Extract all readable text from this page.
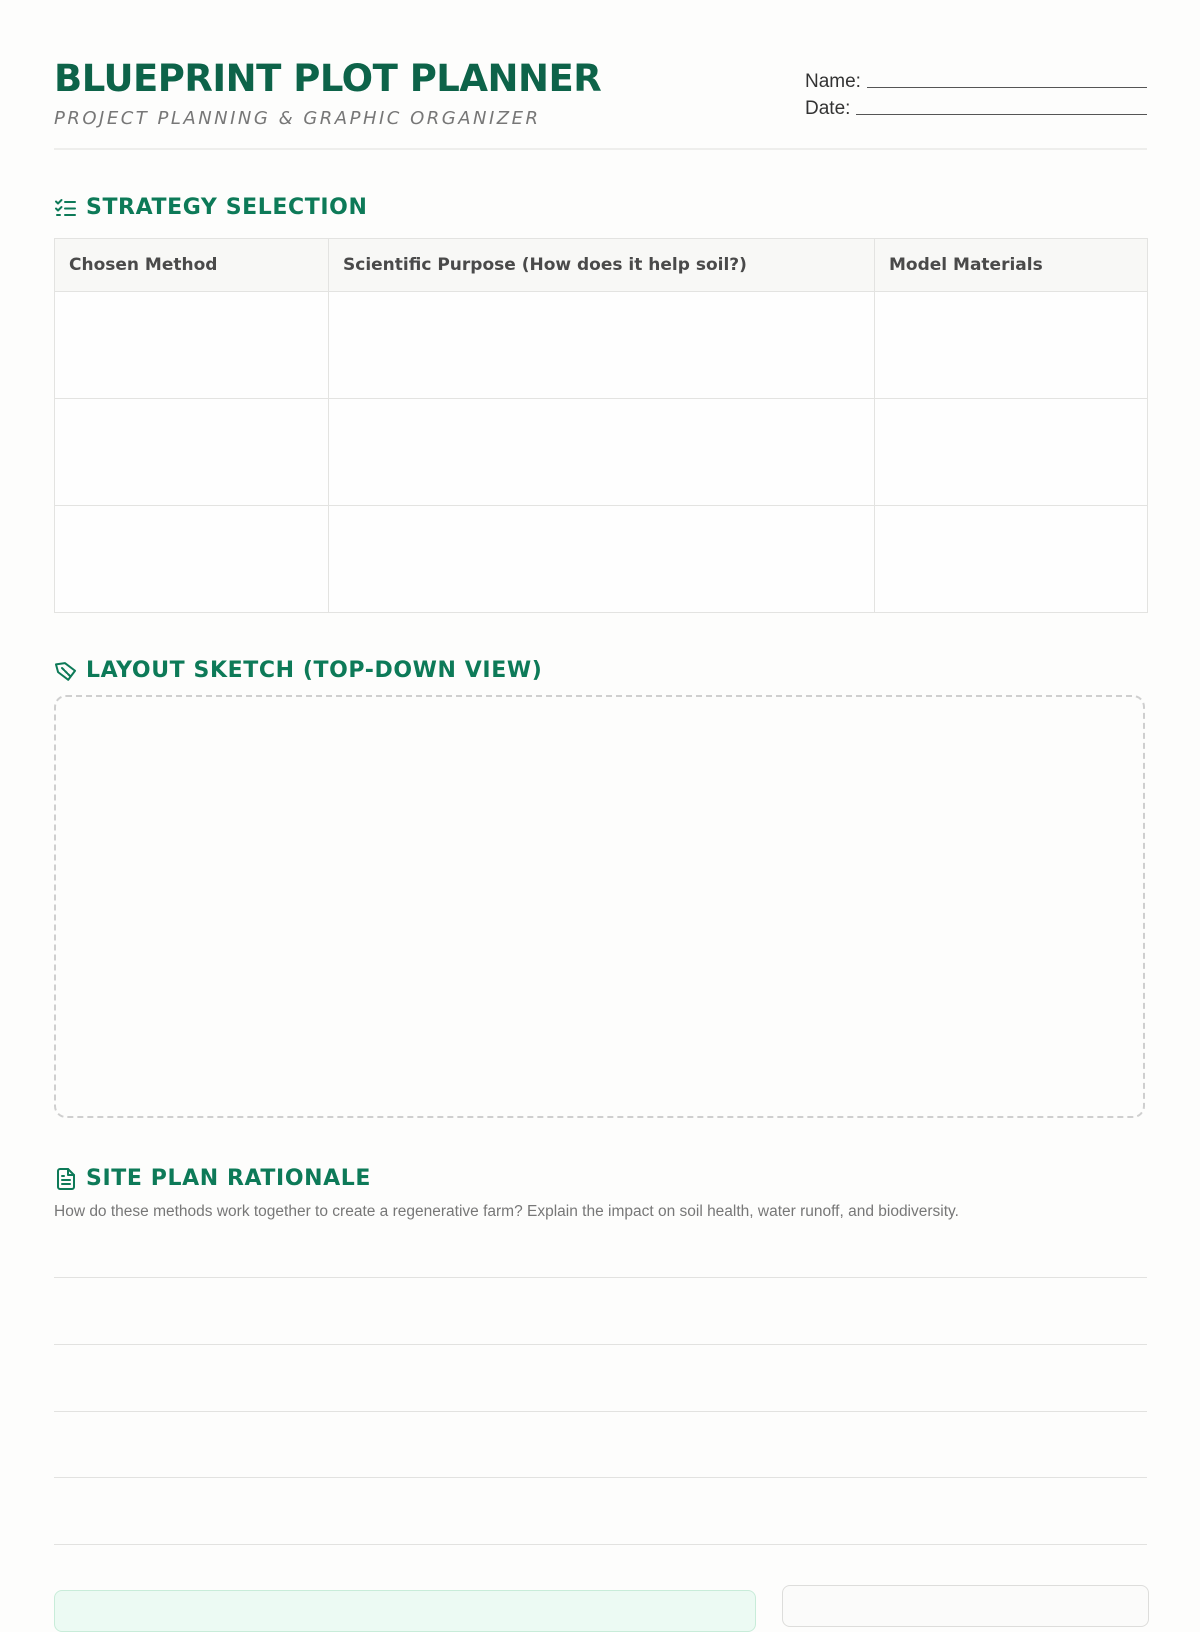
BLUEPRINT PLOT PLANNER
PROJECT PLANNING & GRAPHIC ORGANIZER
Name:
Date:
STRATEGY SELECTION
Chosen Method	Scientific Purpose (How does it help soil?)	Model Materials

LAYOUT SKETCH (TOP-DOWN VIEW)
SITE PLAN RATIONALE
How do these methods work together to create a regenerative farm? Explain the impact on soil health, water runoff, and biodiversity.
